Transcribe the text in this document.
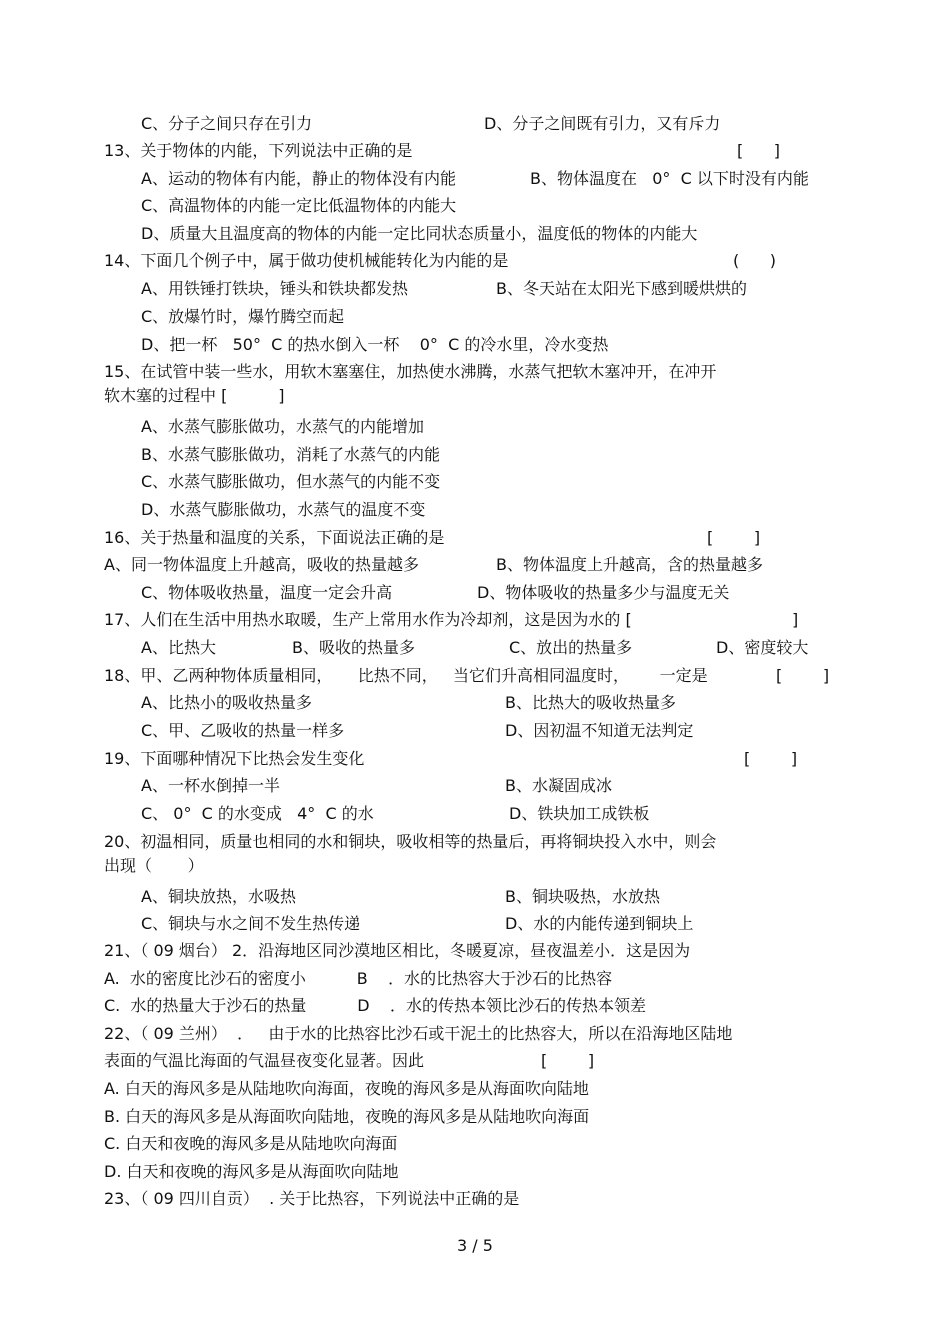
C、分子之间只存在引力	D、分子之间既有引力，又有斥力
13、关于物体的内能，下列说法中正确的是	[      ]
A、运动的物体有内能，静止的物体没有内能	B、物体温度在   0°  C 以下时没有内能
C、高温物体的内能一定比低温物体的内能大
D、质量大且温度高的物体的内能一定比同状态质量小，温度低的物体的内能大
14、下面几个例子中，属于做功使机械能转化为内能的是	(      )
A、用铁锤打铁块，锤头和铁块都发热	B、冬天站在太阳光下感到暖烘烘的
C、放爆竹时，爆竹腾空而起
D、把一杯   50°  C 的热水倒入一杯    0°  C 的冷水里，冷水变热
15、在试管中装一些水，用软木塞塞住，加热使水沸腾，水蒸气把软木塞冲开，在冲开
软木塞的过程中 [          ]
A、水蒸气膨胀做功，水蒸气的内能增加
B、水蒸气膨胀做功，消耗了水蒸气的内能
C、水蒸气膨胀做功，但水蒸气的内能不变
D、水蒸气膨胀做功，水蒸气的温度不变
16、关于热量和温度的关系，下面说法正确的是	[        ]
A、同一物体温度上升越高，吸收的热量越多	B、物体温度上升越高，含的热量越多
C、物体吸收热量，温度一定会升高	D、物体吸收的热量多少与温度无关
17、人们在生活中用热水取暖，生产上常用水作为冷却剂，这是因为水的 [	]
A、比热大	B、吸收的热量多	C、放出的热量多	D、密度较大
18、甲、乙两种物体质量相同，     比热不同，   当它们升高相同温度时，      一定是	[        ]
A、比热小的吸收热量多	B、比热大的吸收热量多
C、甲、乙吸收的热量一样多	D、因初温不知道无法判定
19、下面哪种情况下比热会发生变化	[        ]
A、一杯水倒掉一半	B、水凝固成冰
C、 0°  C 的水变成   4°  C 的水	D、铁块加工成铁板
20、初温相同，质量也相同的水和铜块，吸收相等的热量后，再将铜块投入水中，则会
出现（       ）
A、铜块放热，水吸热	B、铜块吸热，水放热
C、铜块与水之间不发生热传递	D、水的内能传递到铜块上
21、（ 09 烟台） 2．沿海地区同沙漠地区相比，冬暖夏凉，昼夜温差小．这是因为
A.  水的密度比沙石的密度小          B    ．水的比热容大于沙石的比热容
C.  水的热量大于沙石的热量          D    ．水的传热本领比沙石的传热本领差
22、（ 09 兰州）  ．   由于水的比热容比沙石或干泥土的比热容大，所以在沿海地区陆地
表面的气温比海面的气温昼夜变化显著。因此	[        ]
A. 白天的海风多是从陆地吹向海面，夜晚的海风多是从海面吹向陆地
B. 白天的海风多是从海面吹向陆地，夜晚的海风多是从陆地吹向海面
C. 白天和夜晚的海风多是从陆地吹向海面
D. 白天和夜晚的海风多是从海面吹向陆地
23、（ 09 四川自贡）  . 关于比热容，下列说法中正确的是
3 / 5
